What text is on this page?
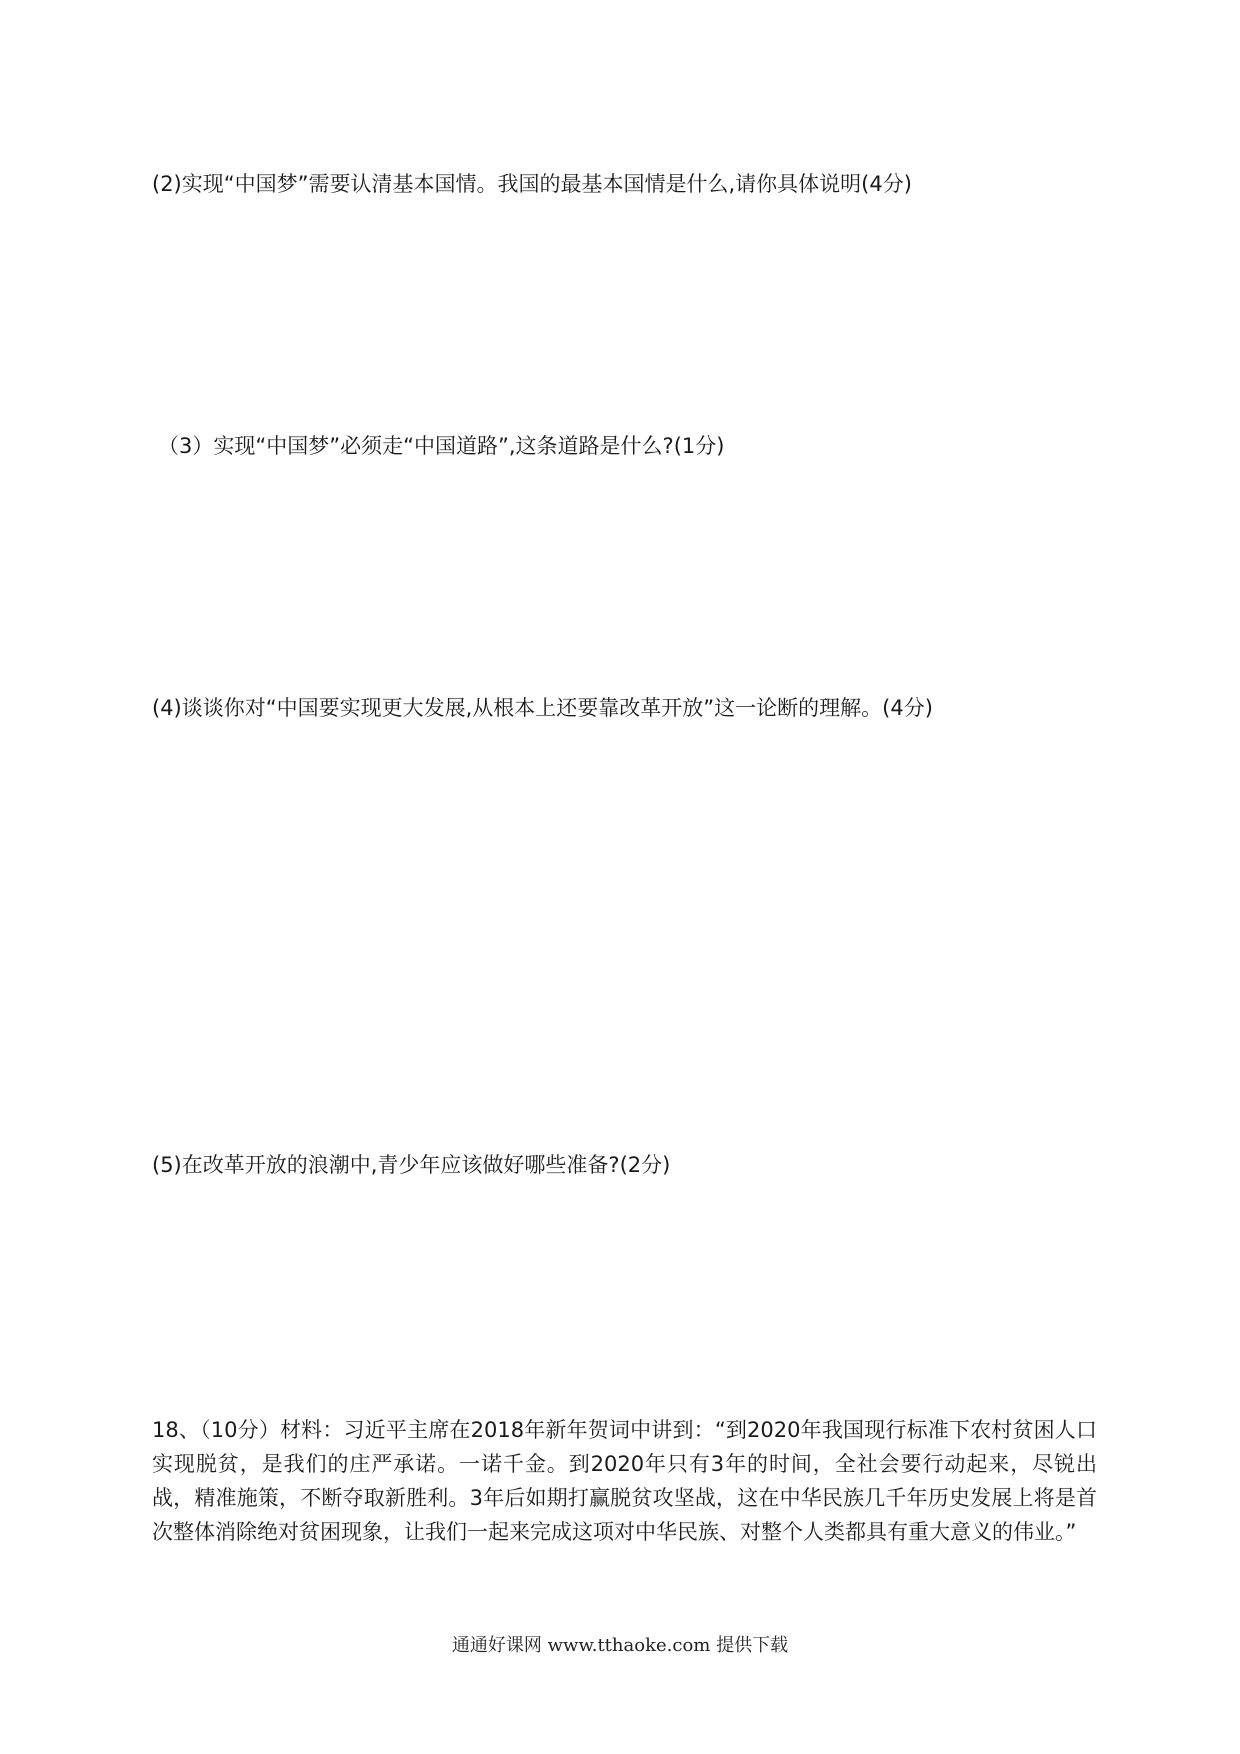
(2)实现“中国梦”需要认清基本国情。我国的最基本国情是什么,请你具体说明(4分)
（3）实现“中国梦”必须走“中国道路”,这条道路是什么?(1分)
(4)谈谈你对“中国要实现更大发展,从根本上还要靠改革开放”这一论断的理解。(4分)
(5)在改革开放的浪潮中,青少年应该做好哪些准备?(2分)
18、（10分）材料：习近平主席在2018年新年贺词中讲到：“到2020年我国现行标准下农村贫困人口实现脱贫，是我们的庄严承诺。一诺千金。到2020年只有3年的时间，全社会要行动起来，尽锐出战，精准施策，不断夺取新胜利。3年后如期打赢脱贫攻坚战，这在中华民族几千年历史发展上将是首次整体消除绝对贫困现象，让我们一起来完成这项对中华民族、对整个人类都具有重大意义的伟业。”
通通好课网 www.tthaoke.com 提供下载
